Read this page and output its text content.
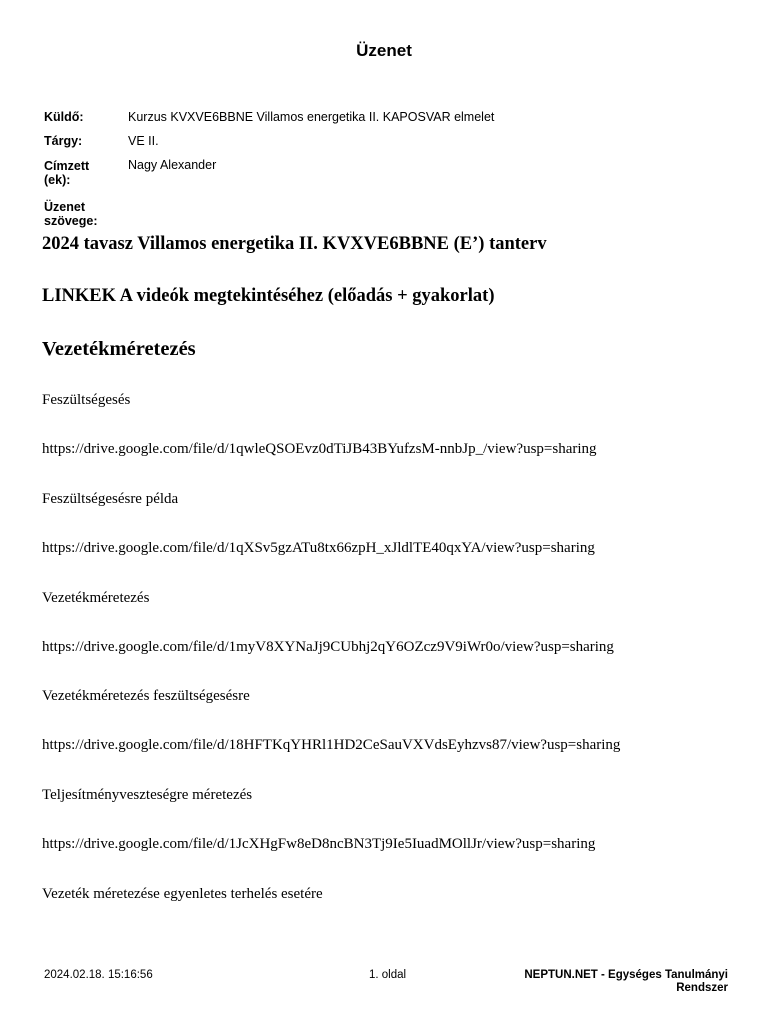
Üzenet
Küldő:	Kurzus KVXVE6BBNE Villamos energetika II. KAPOSVAR elmelet
Tárgy:	VE II.
Címzett
(ek):
Nagy Alexander
Üzenet
szövege:
2024 tavasz Villamos energetika II. KVXVE6BBNE (E’) tanterv
LINKEK A videók megtekintéséhez (előadás + gyakorlat)
Vezetékméretezés
Feszültségesés
https://drive.google.com/file/d/1qwleQSOEvz0dTiJB43BYufzsM-nnbJp_/view?usp=sharing
Feszültségesésre példa
https://drive.google.com/file/d/1qXSv5gzATu8tx66zpH_xJldlTE40qxYA/view?usp=sharing
Vezetékméretezés
https://drive.google.com/file/d/1myV8XYNaJj9CUbhj2qY6OZcz9V9iWr0o/view?usp=sharing
Vezetékméretezés feszültségesésre
https://drive.google.com/file/d/18HFTKqYHRl1HD2CeSauVXVdsEyhzvs87/view?usp=sharing
Teljesítményveszteségre méretezés
https://drive.google.com/file/d/1JcXHgFw8eD8ncBN3Tj9Ie5IuadMOllJr/view?usp=sharing
Vezeték méretezése egyenletes terhelés esetére
2024.02.18. 15:16:56	1. oldal	NEPTUN.NET - Egységes Tanulmányi
Rendszer
